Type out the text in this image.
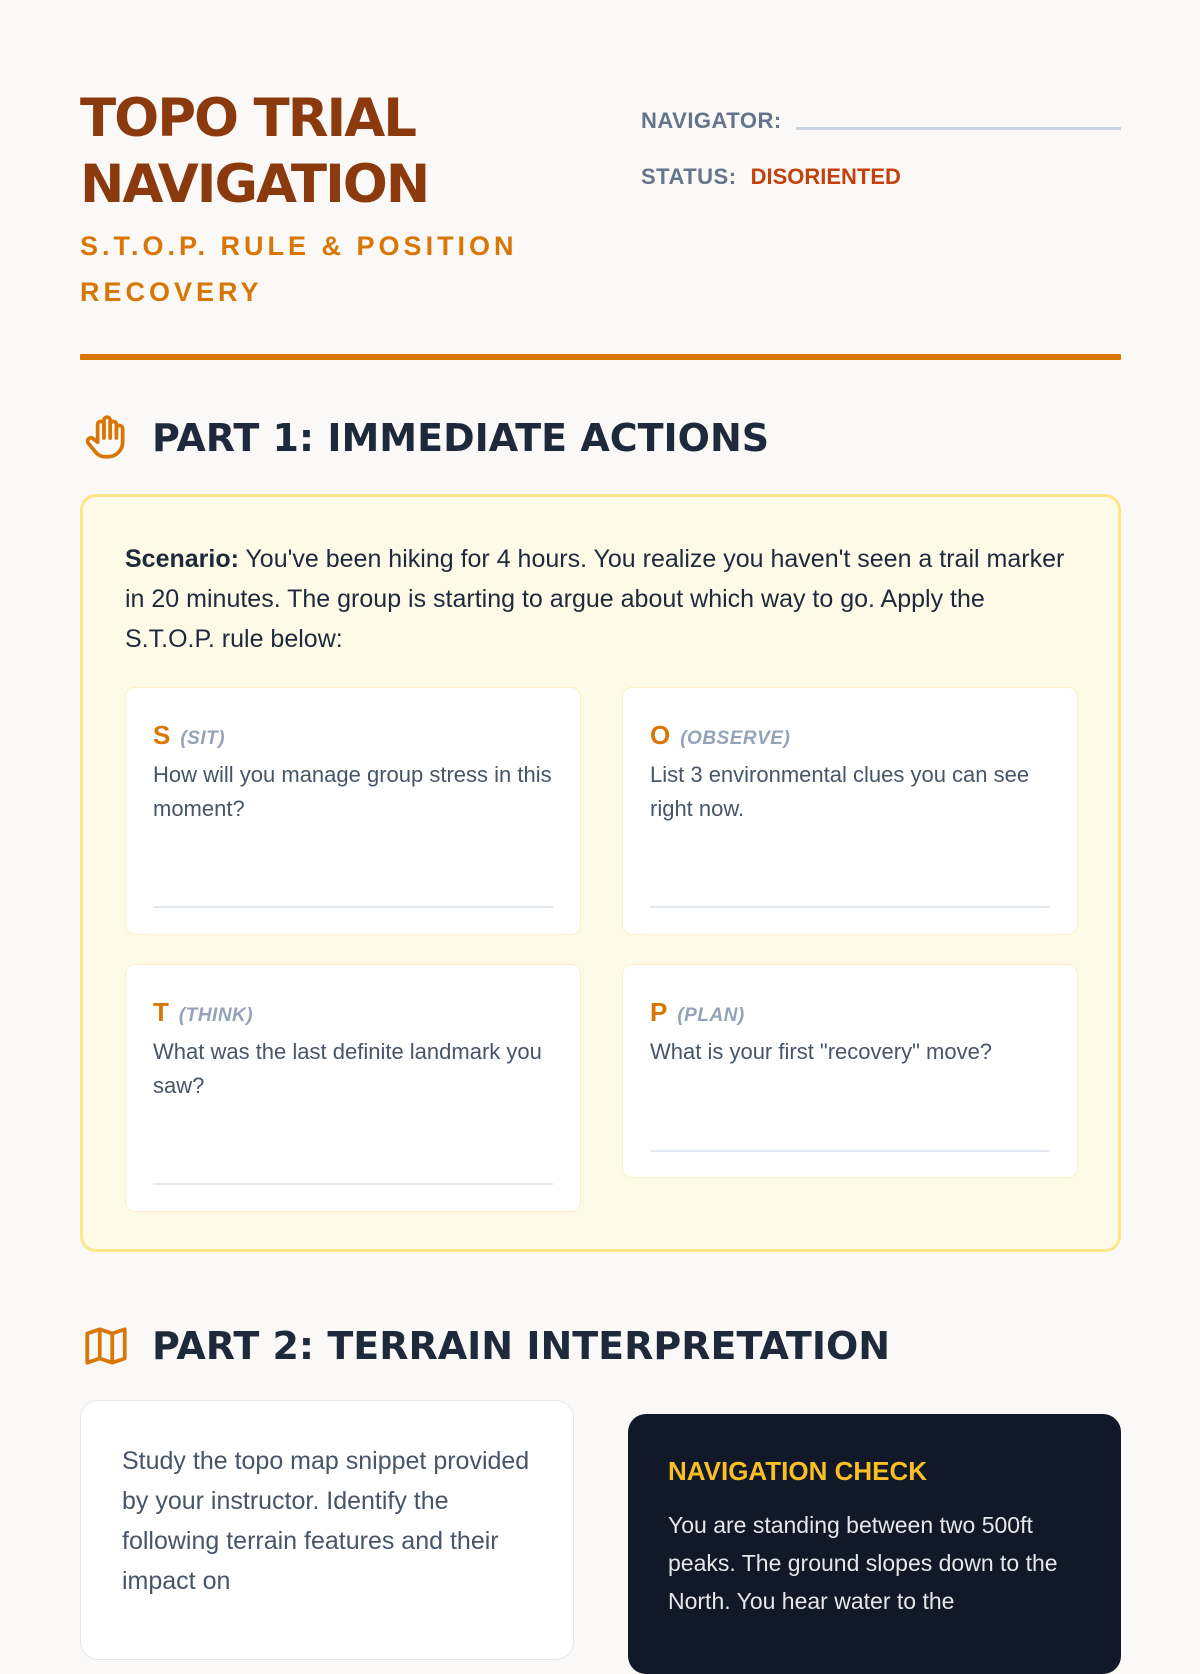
TOPO TRIAL NAVIGATION
S.T.O.P. RULE & POSITION RECOVERY
NAVIGATOR:
STATUS: DISORIENTED
PART 1: IMMEDIATE ACTIONS

Scenario: You've been hiking for 4 hours. You realize you haven't seen a trail marker in 20 minutes. The group is starting to argue about which way to go. Apply the S.T.O.P. rule below:

S (SIT)

How will you manage group stress in this moment?

O (OBSERVE)

List 3 environmental clues you can see right now.

T (THINK)

What was the last definite landmark you saw?

P (PLAN)

What is your first "recovery" move?

PART 2: TERRAIN INTERPRETATION

Study the topo map snippet provided by your instructor. Identify the following terrain features and their impact on

NAVIGATION CHECK

You are standing between two 500ft peaks. The ground slopes down to the North. You hear water to the
